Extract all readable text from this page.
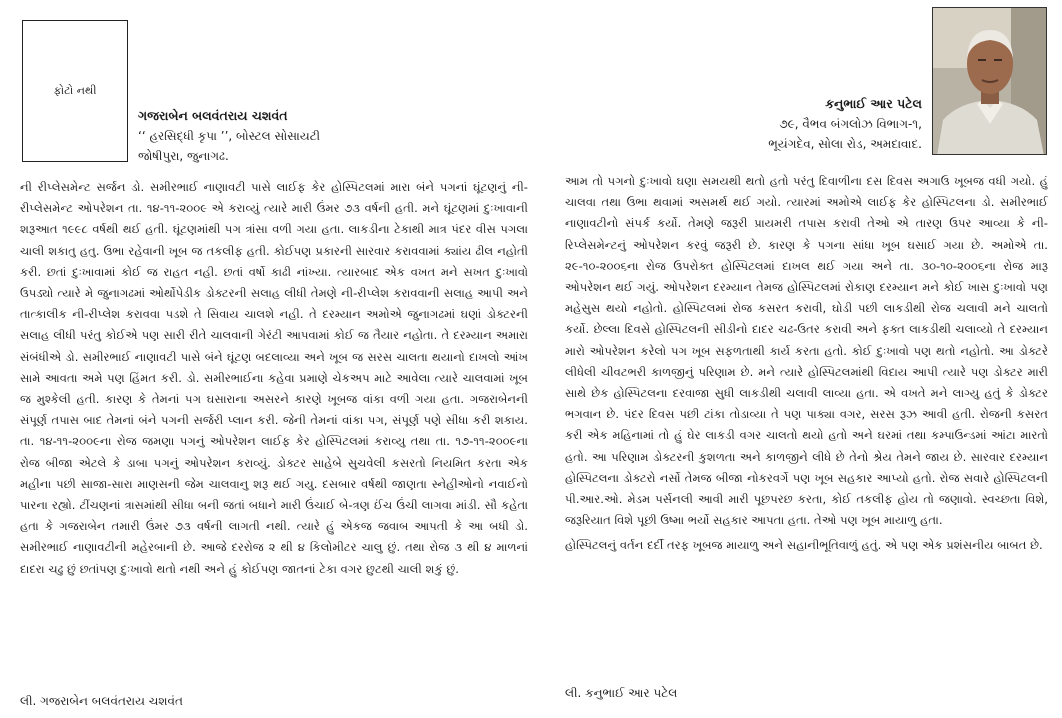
ફોટો નથી
ગજરાબેન બલવંતરાય ચશવંત
‘‘ હરસિદ્ધી કૃપા ’’, બોસ્ટલ સોસાયટી
જોષીપુરા, જુનાગઢ.

ની રીપ્લેસમેન્ટ સર્જન ડો. સમીરભાઈ નાણાવટી પાસે લાઈફ કેર હોસ્પિટલમાં મારા બંને પગનાં ઘૂંટણનું ની-રીપ્લેસમેન્ટ ઓપરેશન તા. ૧૪-૧૧-૨૦૦૯ એ કરાવ્યું ત્યારે મારી ઉંમર ૭૩ વર્ષની હતી. મને ઘૂંટણમાં દુઃખાવાની શરૂઆત ૧૯૯૮ વર્ષથી થઈ હતી. ઘૂંટણમાંથી પગ ત્રાંસા વળી ગયા હતા. લાકડીના ટેકાથી માત્ર પંદર વીસ પગલા ચાલી શકાતુ હતુ. ઉભા રહેવાની ખૂબ જ તકલીફ હતી. કોઈપણ પ્રકારની સારવાર કરાવવામાં ક્યાંય ઢીલ નહોતી કરી. છતાં દુઃખાવામાં કોઈ જ રાહત નહી. છતાં વર્ષો કાઢી નાંખ્યા. ત્યારબાદ એક વખત મને સખત દુઃખાવો ઉપડ્યો ત્યારે મે જુનાગઢમાં ઓર્થોપેડીક ડોક્ટરની સલાહ લીધી તેમણે ની-રીપ્લેશ કરાવવાની સલાહ આપી અને તાત્કાલીક ની-રીપ્લેશ કરાવવા પડશે તે સિવાય ચાલશે નહી. તે દરમ્યાન અમોએ જુનાગઢમાં ઘણાં ડોક્ટરની સલાહ લીધી પરંતુ કોઈએ પણ સારી રીતે ચાલવાની ગેરંટી આપવામાં કોઈ જ તૈયાર નહોતા. તે દરમ્યાન અમારા સંબંધીએ ડો. સમીરભાઈ નાણાવટી પાસે બંને ઘૂંટણ બદલાવ્યા અને ખૂબ જ સરસ ચાલતા થયાનો દાખલો આંખ સામે આવતા અમે પણ હિંમત કરી. ડો. સમીરભાઈના કહેવા પ્રમાણે ચેકઅપ માટે આવેલા ત્યારે ચાલવામાં ખૂબ જ મુશ્કેલી હતી. કારણ કે તેમનાં પગ ઘસારાના અસરને કારણે ખૂબજ વાંકા વળી ગયા હતા. ગજરાબેનની સંપૂર્ણ તપાસ બાદ તેમનાં બંને પગની સર્જરી પ્લાન કરી. જેની તેમનાં વાંકા પગ, સંપૂર્ણ પણે સીધા કરી શકાય. તા. ૧૪-૧૧-૨૦૦૯ના રોજ જમણા પગનું ઓપરેશન લાઈફ કેર હોસ્પિટલમાં કરાવ્યુ તથા તા. ૧૭-૧૧-૨૦૦૯ના રોજ બીજા એટલે કે ડાબા પગનું ઓપરેશન કરાવ્યું. ડોક્ટર સાહેબે સુચવેલી કસરતો નિયમિત કરતા એક મહીના પછી સાજા-સારા માણસની જેમ ચાલવાનુ શરૂ થઈ ગયુ. દસબાર વર્ષથી જાણતા સ્નેહીઓનો નવાઈનો પારના રહ્યો. ટીંચણનાં ત્રાસમાંથી સીધા બની જતાં બધાને મારી ઉંચાઈ બે-ત્રણ ઈંચ ઉંચી લાગવા માંડી. સૌ કહેતા હતા કે ગજરાબેન તમારી ઉંમર ૭૩ વર્ષની લાગતી નથી. ત્યારે હું એકજ જવાબ આપતી કે આ બધી ડો. સમીરભાઈ નાણાવટીની મહેરબાની છે. આજે દરરોજ ૨ થી ૪ કિલોમીટર ચાલુ છું. તથા રોજ ૩ થી ૪ માળનાં દાદરા ચઢુ છું છતાંપણ દુઃખાવો થતો નથી અને હું કોઈપણ જાતનાં ટેકા વગર છુટથી ચાલી શકું છું.

લી. ગજરાબેન બલવંતરાય ચશવંત
કનુભાઈ આર પટેલ
૭૯, વૈભવ બંગલોઝ વિભાગ-૧,
ભૂયંગદેવ, સોલા રોડ, અમદાવાદ.
આમ તો પગનો દુઃખાવો ઘણા સમયથી થતો હતો પરંતુ દિવાળીના દસ દિવસ અગાઉ ખૂબજ વધી ગયો. હું ચાલવા તથા ઉભા થવામાં અસમર્થ થઈ ગયો. ત્યારમાં અમોએ લાઈફ કેર હોસ્પિટલના ડો. સમીરભાઈ નાણાવટીનો સંપર્ક કર્યો. તેમણે જરૂરી પ્રાયમરી તપાસ કરાવી તેઓ એ તારણ ઉપર આવ્યા કે ની-રિપ્લેસમેન્ટનું ઓપરેશન કરવું જરૂરી છે. કારણ કે પગના સાંધા ખૂબ ઘસાઈ ગયા છે. અમોએ તા. ૨૯-૧૦-૨૦૦૬ના રોજ ઉપરોક્ત હોસ્પિટલમાં દાખલ થઈ ગયા અને તા. ૩૦-૧૦-૨૦૦૬ના રોજ મારૂ ઓપરેશન થઈ ગયું. ઓપરેશન દરમ્યાન તેમજ હોસ્પિટલમાં રોકાણ દરમ્યાન મને કોઈ ખાસ દુઃખાવો પણ મહેસુસ થયો નહોતો. હોસ્પિટલમાં રોજ કસરત કરાવી, ઘોડી પછી લાકડીથી રોજ ચલાવી મને ચાલતો કર્યો. છેલ્લા દિવસે હોસ્પિટલની સીડીનો દાદર ચઢ-ઉતર કરાવી અને ફક્ત લાકડીથી ચલાવ્યો તે દરમ્યાન મારો ઓપરેશન કરેલો પગ ખૂબ સફળતાથી કાર્ય કરતા હતો. કોઈ દુઃખાવો પણ થતો નહોતો. આ ડોક્ટરે લીધેલી ચીવટભરી કાળજીનું પરિણામ છે. મને ત્યારે હોસ્પિટલમાંથી વિદાય આપી ત્યારે પણ ડોક્ટર મારી સાથે છેક હોસ્પિટલના દરવાજા સુધી લાકડીથી ચલાવી લાવ્યા હતા. એ વખતે મને લાગ્યુ હતું કે ડોક્ટર ભગવાન છે. પંદર દિવસ પછી ટાંકા તોડાવ્યા તે પણ પાક્યા વગર, સરસ રૂઝ આવી હતી. રોજની કસરત કરી એક મહિનામાં તો હું ઘેર લાકડી વગર ચાલતો થયો હતો અને ઘરમાં તથા કમ્પાઉન્ડમાં આંટા મારતો હતો. આ પરિણામ ડોક્ટરની કુશળતા અને કાળજીને લીધે છે તેનો શ્રેય તેમને જાય છે. સારવાર દરમ્યાન હોસ્પિટલના ડોક્ટરો નર્સો તેમજ બીજા નોકરવર્ગે પણ ખૂબ સહકાર આપ્યો હતો. રોજ સવારે હોસ્પિટલની પી.આર.ઓ. મેડમ પર્સનલી આવી મારી પૂછપરછ કરતા, કોઈ તકલીફ હોય તો જણાવો. સ્વચ્છતા વિશે, જરૂરિયાત વિશે પૂછી ઉષ્મા ભર્યો સહકાર આપતા હતા. તેઓ પણ ખૂબ માયાળુ હતા.
હોસ્પિટલનું વર્તન દર્દી તરફ ખૂબજ માયાળુ અને સહાનીભૂતિવાળું હતું. એ પણ એક પ્રશંસનીય બાબત છે.
લી. કનુભાઈ આર પટેલ
